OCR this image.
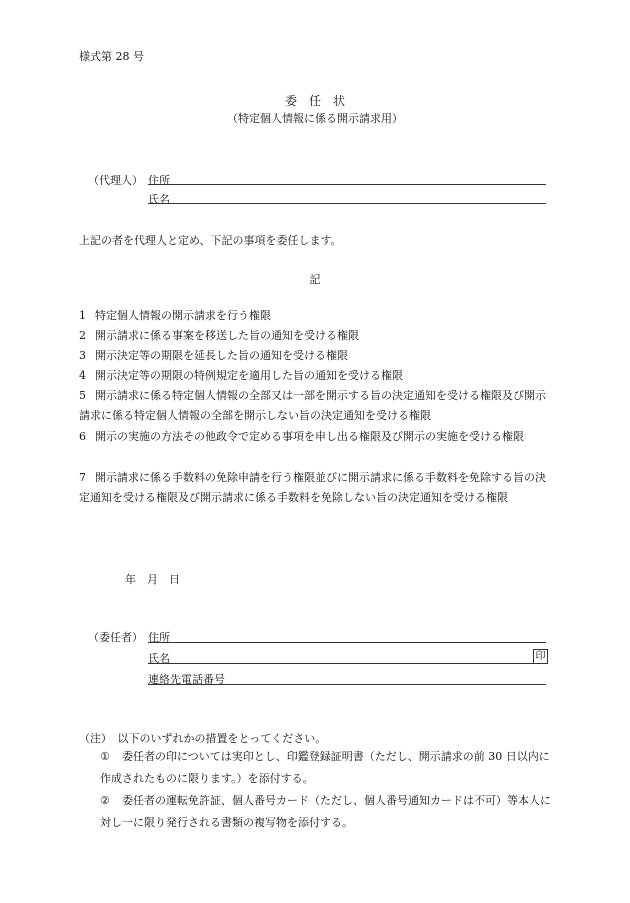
様式第 28 号
委　任　状
（特定個人情報に係る開示請求用）
（代理人） 住所
氏名
上記の者を代理人と定め、下記の事項を委任します。
記
1 特定個人情報の開示請求を行う権限
2 開示請求に係る事案を移送した旨の通知を受ける権限
3 開示決定等の期限を延長した旨の通知を受ける権限
4 開示決定等の期限の特例規定を適用した旨の通知を受ける権限
5 開示請求に係る特定個人情報の全部又は一部を開示する旨の決定通知を受ける権限及び開示請求に係る特定個人情報の全部を開示しない旨の決定通知を受ける権限
6 開示の実施の方法その他政令で定める事項を申し出る権限及び開示の実施を受ける権限
7 開示請求に係る手数料の免除申請を行う権限並びに開示請求に係る手数料を免除する旨の決定通知を受ける権限及び開示請求に係る手数料を免除しない旨の決定通知を受ける権限
年　月　日
（委任者） 住所
氏名	印
連絡先電話番号
（注）　以下のいずれかの措置をとってください。
①	委任者の印については実印とし、印鑑登録証明書（ただし、開示請求の前 30 日以内に作成されたものに限ります。）を添付する。
②	委任者の運転免許証、個人番号カード（ただし、個人番号通知カードは不可）等本人に対し一に限り発行される書類の複写物を添付する。
